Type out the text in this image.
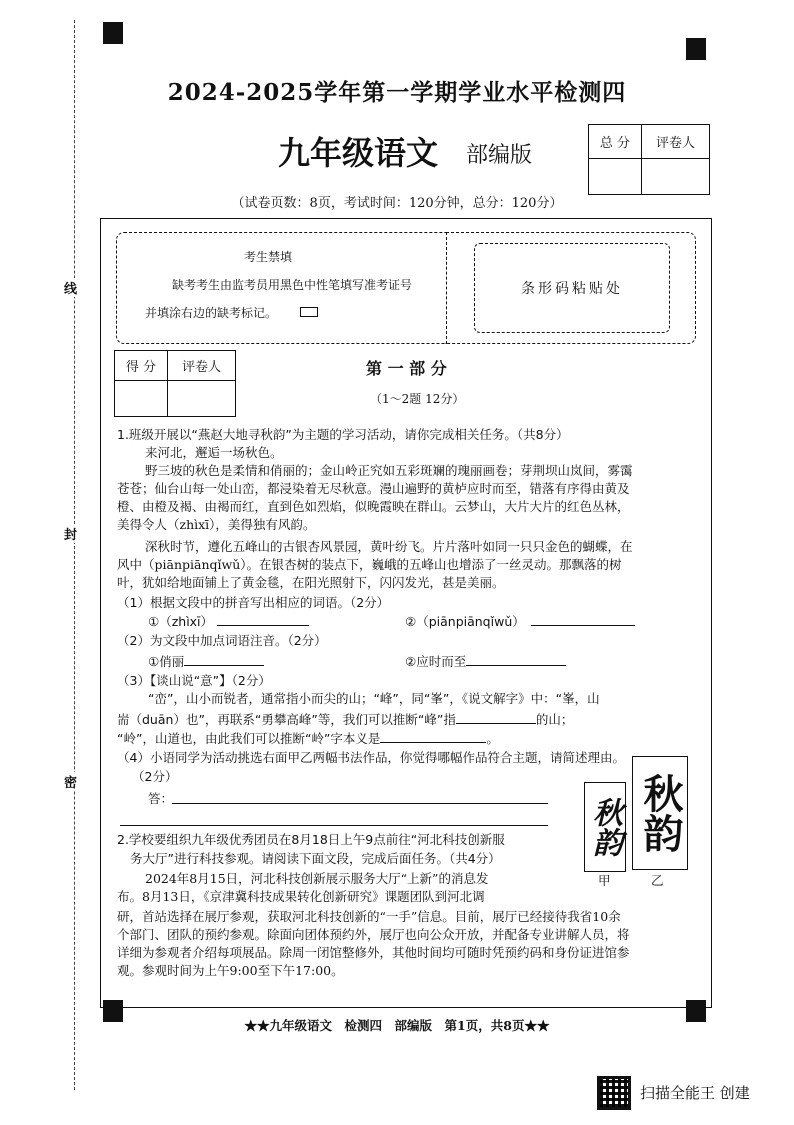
线
封
密
2024-2025学年第一学期学业水平检测四
九年级语文 部编版
（试卷页数：8页，考试时间：120分钟，总分：120分）
总 分	评卷人

考生禁填
缺考考生由监考员用黑色中性笔填写准考证号
并填涂右边的缺考标记。
条形码粘贴处
得 分	评卷人
		第 一 部 分
（1～2题 12分）
1.班级开展以“燕赵大地寻秋韵”为主题的学习活动，请你完成相关任务。（共8分）
来河北，邂逅一场秋色。
野三坡的秋色是柔情和俏丽的；金山岭正究如五彩斑斓的瑰丽画卷；芽荆坝山岚间，雾霭
苍苍；仙台山每一处山峦，都浸染着无尽秋意。漫山遍野的黄栌应时而至，错落有序得由黄及
橙、由橙及褐、由褐而红，直到色如烈焰，似晚霞映在群山。云梦山，大片大片的红色丛林，
美得令人（zhìxī），美得独有风韵。
深秋时节，遵化五峰山的古银杏风景园，黄叶纷飞。片片落叶如同一只只金色的蝴蝶，在
风中（piānpiānqǐwǔ）。在银杏树的装点下，巍峨的五峰山也增添了一丝灵动。那飘落的树
叶，犹如给地面铺上了黄金毯，在阳光照射下，闪闪发光，甚是美丽。
（1）根据文段中的拼音写出相应的词语。（2分）
①（zhìxī）	②（piānpiānqǐwǔ）
（2）为文段中加点词语注音。（2分）
①俏丽	②应时而至
（3）【谈山说“意”】（2分）
“峦”，山小而锐者，通常指小而尖的山；“峰”，同“峯”，《说文解字》中：“峯，山
耑（duān）也”，再联系“勇攀高峰”等，我们可以推断“峰”指	的山；
“岭”，山道也，由此我们可以推断“岭”字本义是	。
（4）小语同学为活动挑选右面甲乙两幅书法作品，你觉得哪幅作品符合主题，请简述理由。
（2分）
答：	秋韵 秋韵
甲	乙
2.学校要组织九年级优秀团员在8月18日上午9点前往“河北科技创新服
务大厅”进行科技参观。请阅读下面文段，完成后面任务。（共4分）
2024年8月15日，河北科技创新展示服务大厅“上新”的消息发
布。8月13日，《京津冀科技成果转化创新研究》课题团队到河北调
研，首站选择在展厅参观，获取河北科技创新的“一手”信息。目前，展厅已经接待我省10余
个部门、团队的预约参观。除面向团体预约外，展厅也向公众开放，并配备专业讲解人员，将
详细为参观者介绍每项展品。除周一闭馆整修外，其他时间均可随时凭预约码和身份证进馆参
观。参观时间为上午9:00至下午17:00。
★★九年级语文　检测四　部编版　第1页，共8页★★
扫描全能王 创建
